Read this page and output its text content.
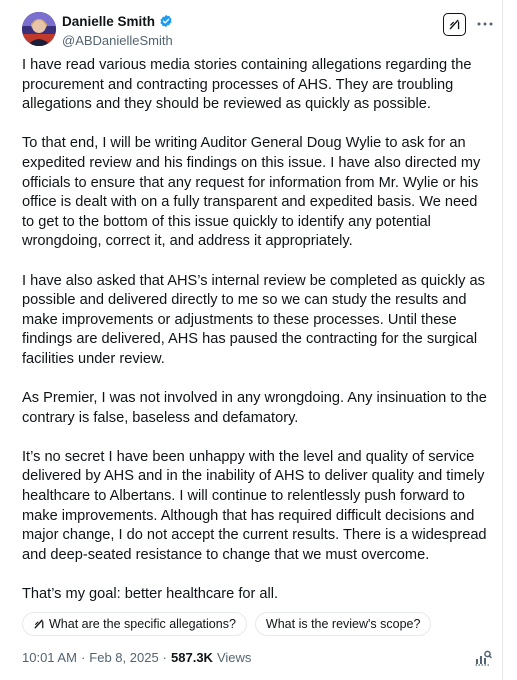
Danielle Smith
@ABDanielleSmith

I have read various media stories containing allegations regarding the procurement and contracting processes of AHS. They are troubling allegations and they should be reviewed as quickly as possible.

To that end, I will be writing Auditor General Doug Wylie to ask for an expedited review and his findings on this issue. I have also directed my officials to ensure that any request for information from Mr. Wylie or his office is dealt with on a fully transparent and expedited basis. We need to get to the bottom of this issue quickly to identify any potential wrongdoing, correct it, and address it appropriately.

I have also asked that AHS’s internal review be completed as quickly as possible and delivered directly to me so we can study the results and make improvements or adjustments to these processes. Until these findings are delivered, AHS has paused the contracting for the surgical facilities under review.

As Premier, I was not involved in any wrongdoing. Any insinuation to the contrary is false, baseless and defamatory.

It’s no secret I have been unhappy with the level and quality of service delivered by AHS and in the inability of AHS to deliver quality and timely healthcare to Albertans. I will continue to relentlessly push forward to make improvements. Although that has required difficult decisions and major change, I do not accept the current results. There is a widespread and deep-seated resistance to change that we must overcome.

That’s my goal: better healthcare for all.

What are the specific allegations? What is the review's scope?
10:01 AM · Feb 8, 2025 · 587.3K Views
